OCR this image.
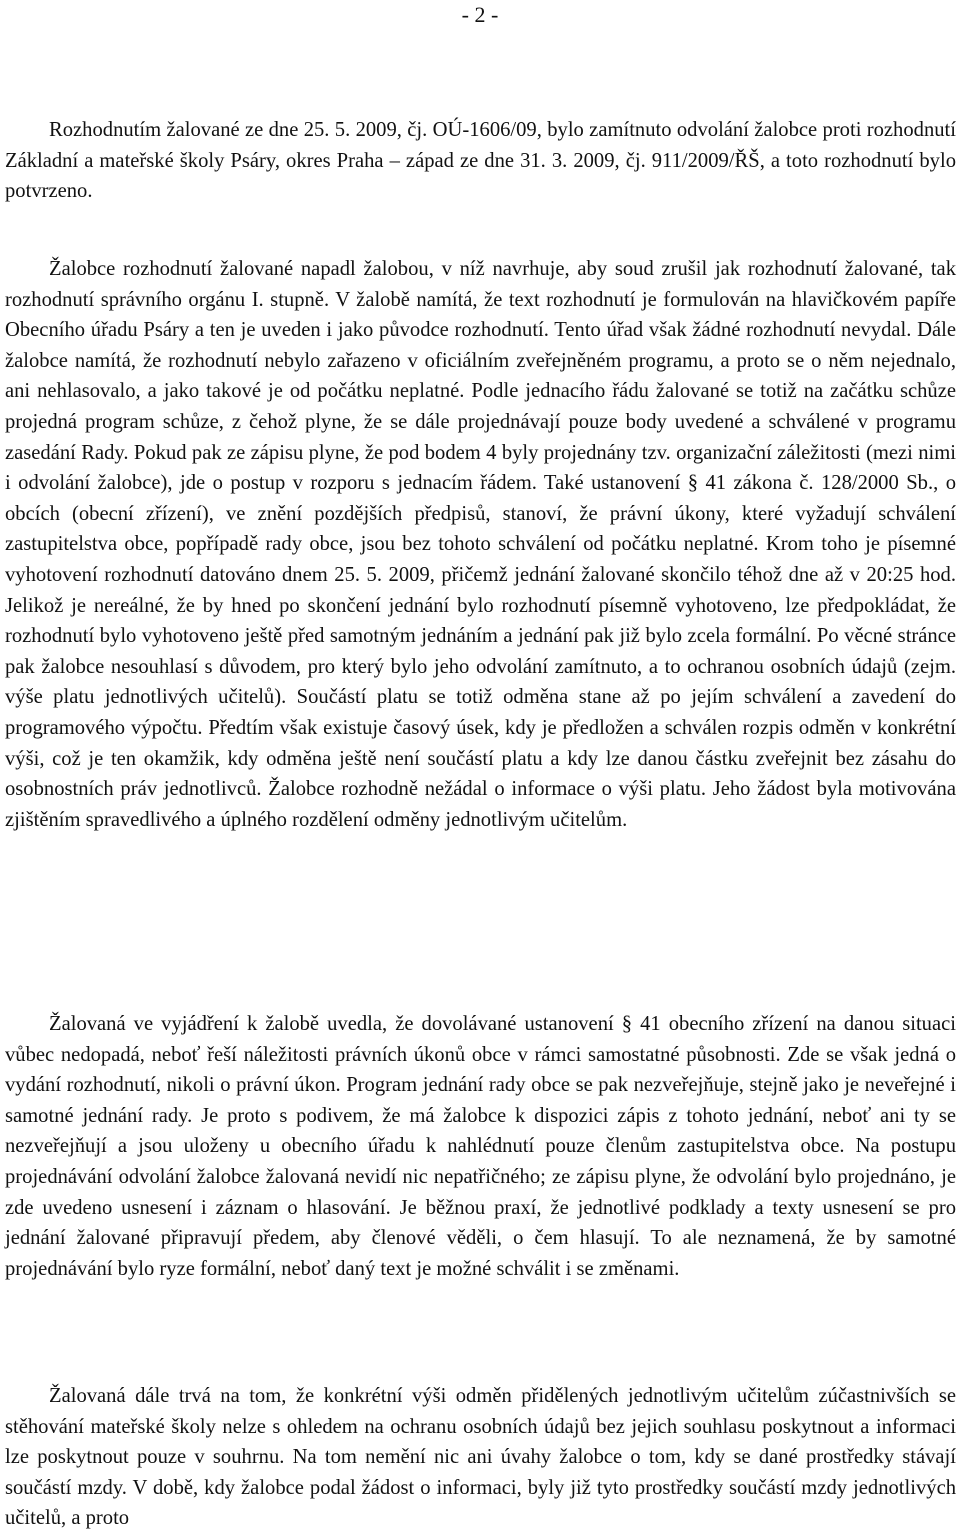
- 2 -

Rozhodnutím žalované ze dne 25. 5. 2009, čj. OÚ-1606/09, bylo zamítnuto odvolání žalobce proti rozhodnutí Základní a mateřské školy Psáry, okres Praha – západ ze dne 31. 3. 2009, čj. 911/2009/ŘŠ, a toto rozhodnutí bylo potvrzeno.

Žalobce rozhodnutí žalované napadl žalobou, v níž navrhuje, aby soud zrušil jak rozhodnutí žalované, tak rozhodnutí správního orgánu I. stupně. V žalobě namítá, že text rozhodnutí je formulován na hlavičkovém papíře Obecního úřadu Psáry a ten je uveden i jako původce rozhodnutí. Tento úřad však žádné rozhodnutí nevydal. Dále žalobce namítá, že rozhodnutí nebylo zařazeno v oficiálním zveřejněném programu, a proto se o něm nejednalo, ani nehlasovalo, a jako takové je od počátku neplatné. Podle jednacího řádu žalované se totiž na začátku schůze projedná program schůze, z čehož plyne, že se dále projednávají pouze body uvedené a schválené v programu zasedání Rady. Pokud pak ze zápisu plyne, že pod bodem 4 byly projednány tzv. organizační záležitosti (mezi nimi i odvolání žalobce), jde o postup v rozporu s jednacím řádem. Také ustanovení § 41 zákona č. 128/2000 Sb., o obcích (obecní zřízení), ve znění pozdějších předpisů, stanoví, že právní úkony, které vyžadují schválení zastupitelstva obce, popřípadě rady obce, jsou bez tohoto schválení od počátku neplatné. Krom toho je písemné vyhotovení rozhodnutí datováno dnem 25. 5. 2009, přičemž jednání žalované skončilo téhož dne až v 20:25 hod. Jelikož je nereálné, že by hned po skončení jednání bylo rozhodnutí písemně vyhotoveno, lze předpokládat, že rozhodnutí bylo vyhotoveno ještě před samotným jednáním a jednání pak již bylo zcela formální. Po věcné stránce pak žalobce nesouhlasí s důvodem, pro který bylo jeho odvolání zamítnuto, a to ochranou osobních údajů (zejm. výše platu jednotlivých učitelů). Součástí platu se totiž odměna stane až po jejím schválení a zavedení do programového výpočtu. Předtím však existuje časový úsek, kdy je předložen a schválen rozpis odměn v konkrétní výši, což je ten okamžik, kdy odměna ještě není součástí platu a kdy lze danou částku zveřejnit bez zásahu do osobnostních práv jednotlivců. Žalobce rozhodně nežádal o informace o výši platu. Jeho žádost byla motivována zjištěním spravedlivého a úplného rozdělení odměny jednotlivým učitelům.

Žalovaná ve vyjádření k žalobě uvedla, že dovolávané ustanovení § 41 obecního zřízení na danou situaci vůbec nedopadá, neboť řeší náležitosti právních úkonů obce v rámci samostatné působnosti. Zde se však jedná o vydání rozhodnutí, nikoli o právní úkon. Program jednání rady obce se pak nezveřejňuje, stejně jako je neveřejné i samotné jednání rady. Je proto s podivem, že má žalobce k dispozici zápis z tohoto jednání, neboť ani ty se nezveřejňují a jsou uloženy u obecního úřadu k nahlédnutí pouze členům zastupitelstva obce. Na postupu projednávání odvolání žalobce žalovaná nevidí nic nepatřičného; ze zápisu plyne, že odvolání bylo projednáno, je zde uvedeno usnesení i záznam o hlasování. Je běžnou praxí, že jednotlivé podklady a texty usnesení se pro jednání žalované připravují předem, aby členové věděli, o čem hlasují. To ale neznamená, že by samotné projednávání bylo ryze formální, neboť daný text je možné schválit i se změnami.

Žalovaná dále trvá na tom, že konkrétní výši odměn přidělených jednotlivým učitelům zúčastnivších se stěhování mateřské školy nelze s ohledem na ochranu osobních údajů bez jejich souhlasu poskytnout a informaci lze poskytnout pouze v souhrnu. Na tom nemění nic ani úvahy žalobce o tom, kdy se dané prostředky stávají součástí mzdy. V době, kdy žalobce podal žádost o informaci, byly již tyto prostředky součástí mzdy jednotlivých učitelů, a proto
